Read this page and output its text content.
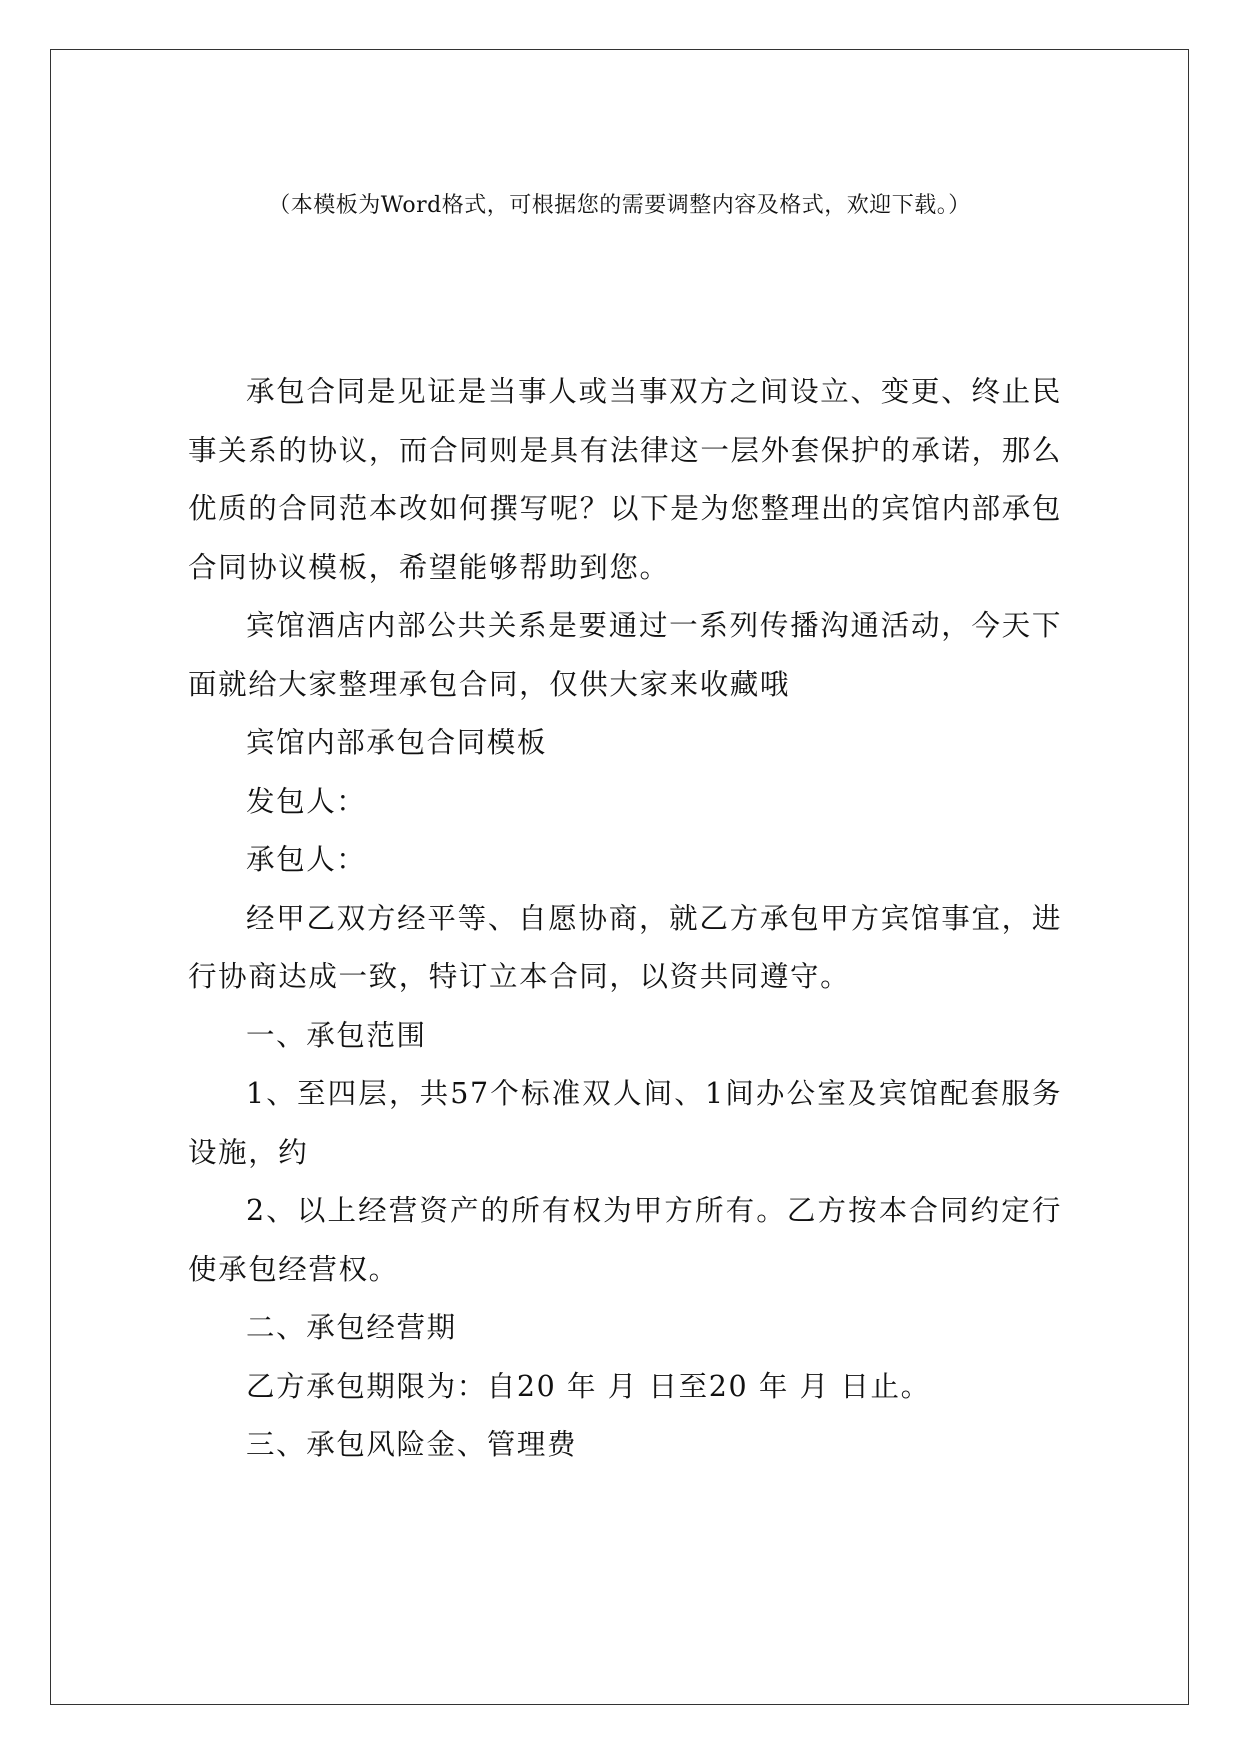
（本模板为Word格式，可根据您的需要调整内容及格式，欢迎下载。）

承包合同是见证是当事人或当事双方之间设立、变更、终止民事关系的协议，而合同则是具有法律这一层外套保护的承诺，那么优质的合同范本改如何撰写呢？以下是为您整理出的宾馆内部承包合同协议模板，希望能够帮助到您。

宾馆酒店内部公共关系是要通过一系列传播沟通活动，今天下面就给大家整理承包合同，仅供大家来收藏哦

宾馆内部承包合同模板

发包人：

承包人：

经甲乙双方经平等、自愿协商，就乙方承包甲方宾馆事宜，进行协商达成一致，特订立本合同，以资共同遵守。

一、承包范围

1、至四层，共57个标准双人间、1间办公室及宾馆配套服务设施，约

2、以上经营资产的所有权为甲方所有。乙方按本合同约定行使承包经营权。

二、承包经营期

乙方承包期限为：自20 年 月 日至20 年 月 日止。

三、承包风险金、管理费
